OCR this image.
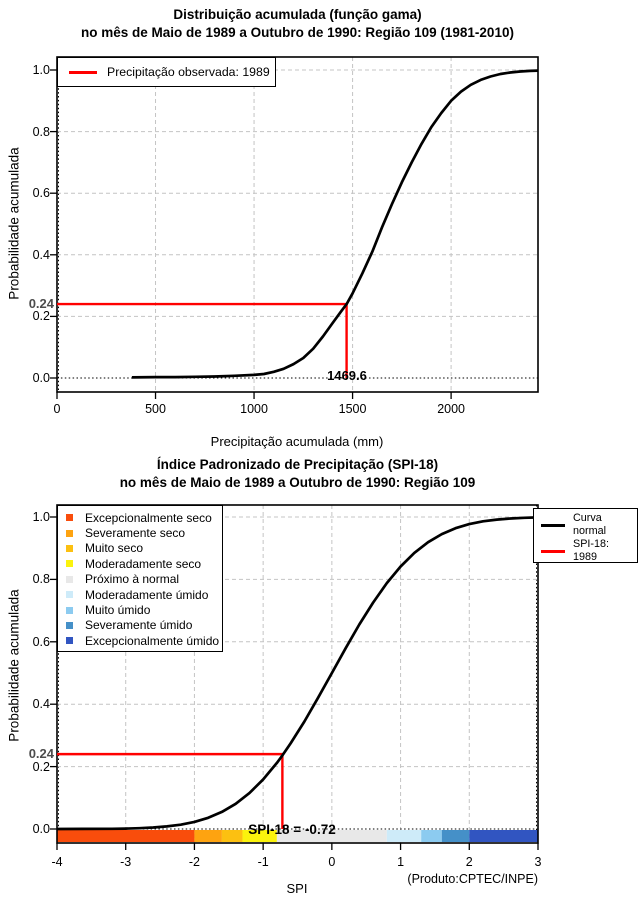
0	500	1000	1500	2000
0.0
0.2
0.4
0.6
0.8
1.0
-4	-3	-2	-1	0	1	2	3
0.0
0.2
0.4
0.6
0.8
1.0
Distribuição acumulada (função gama)
no mês de Maio de 1989 a Outubro de 1990: Região 109 (1981-2010)
Probabilidade acumulada
Precipitação acumulada (mm)
Precipitação observada: 1989
0.24
1469.6
Índice Padronizado de Precipitação (SPI-18)
no mês de Maio de 1989 a Outubro de 1990: Região 109
Probabilidade acumulada
SPI
(Produto:CPTEC/INPE)
Excepcionalmente seco
Severamente seco
Muito seco
Moderadamente seco
Próximo à normal
Moderadamente úmido
Muito úmido
Severamente úmido
Excepcionalmente úmido
Curva normal
SPI-18: 1989
0.24
SPI-18 = -0.72
